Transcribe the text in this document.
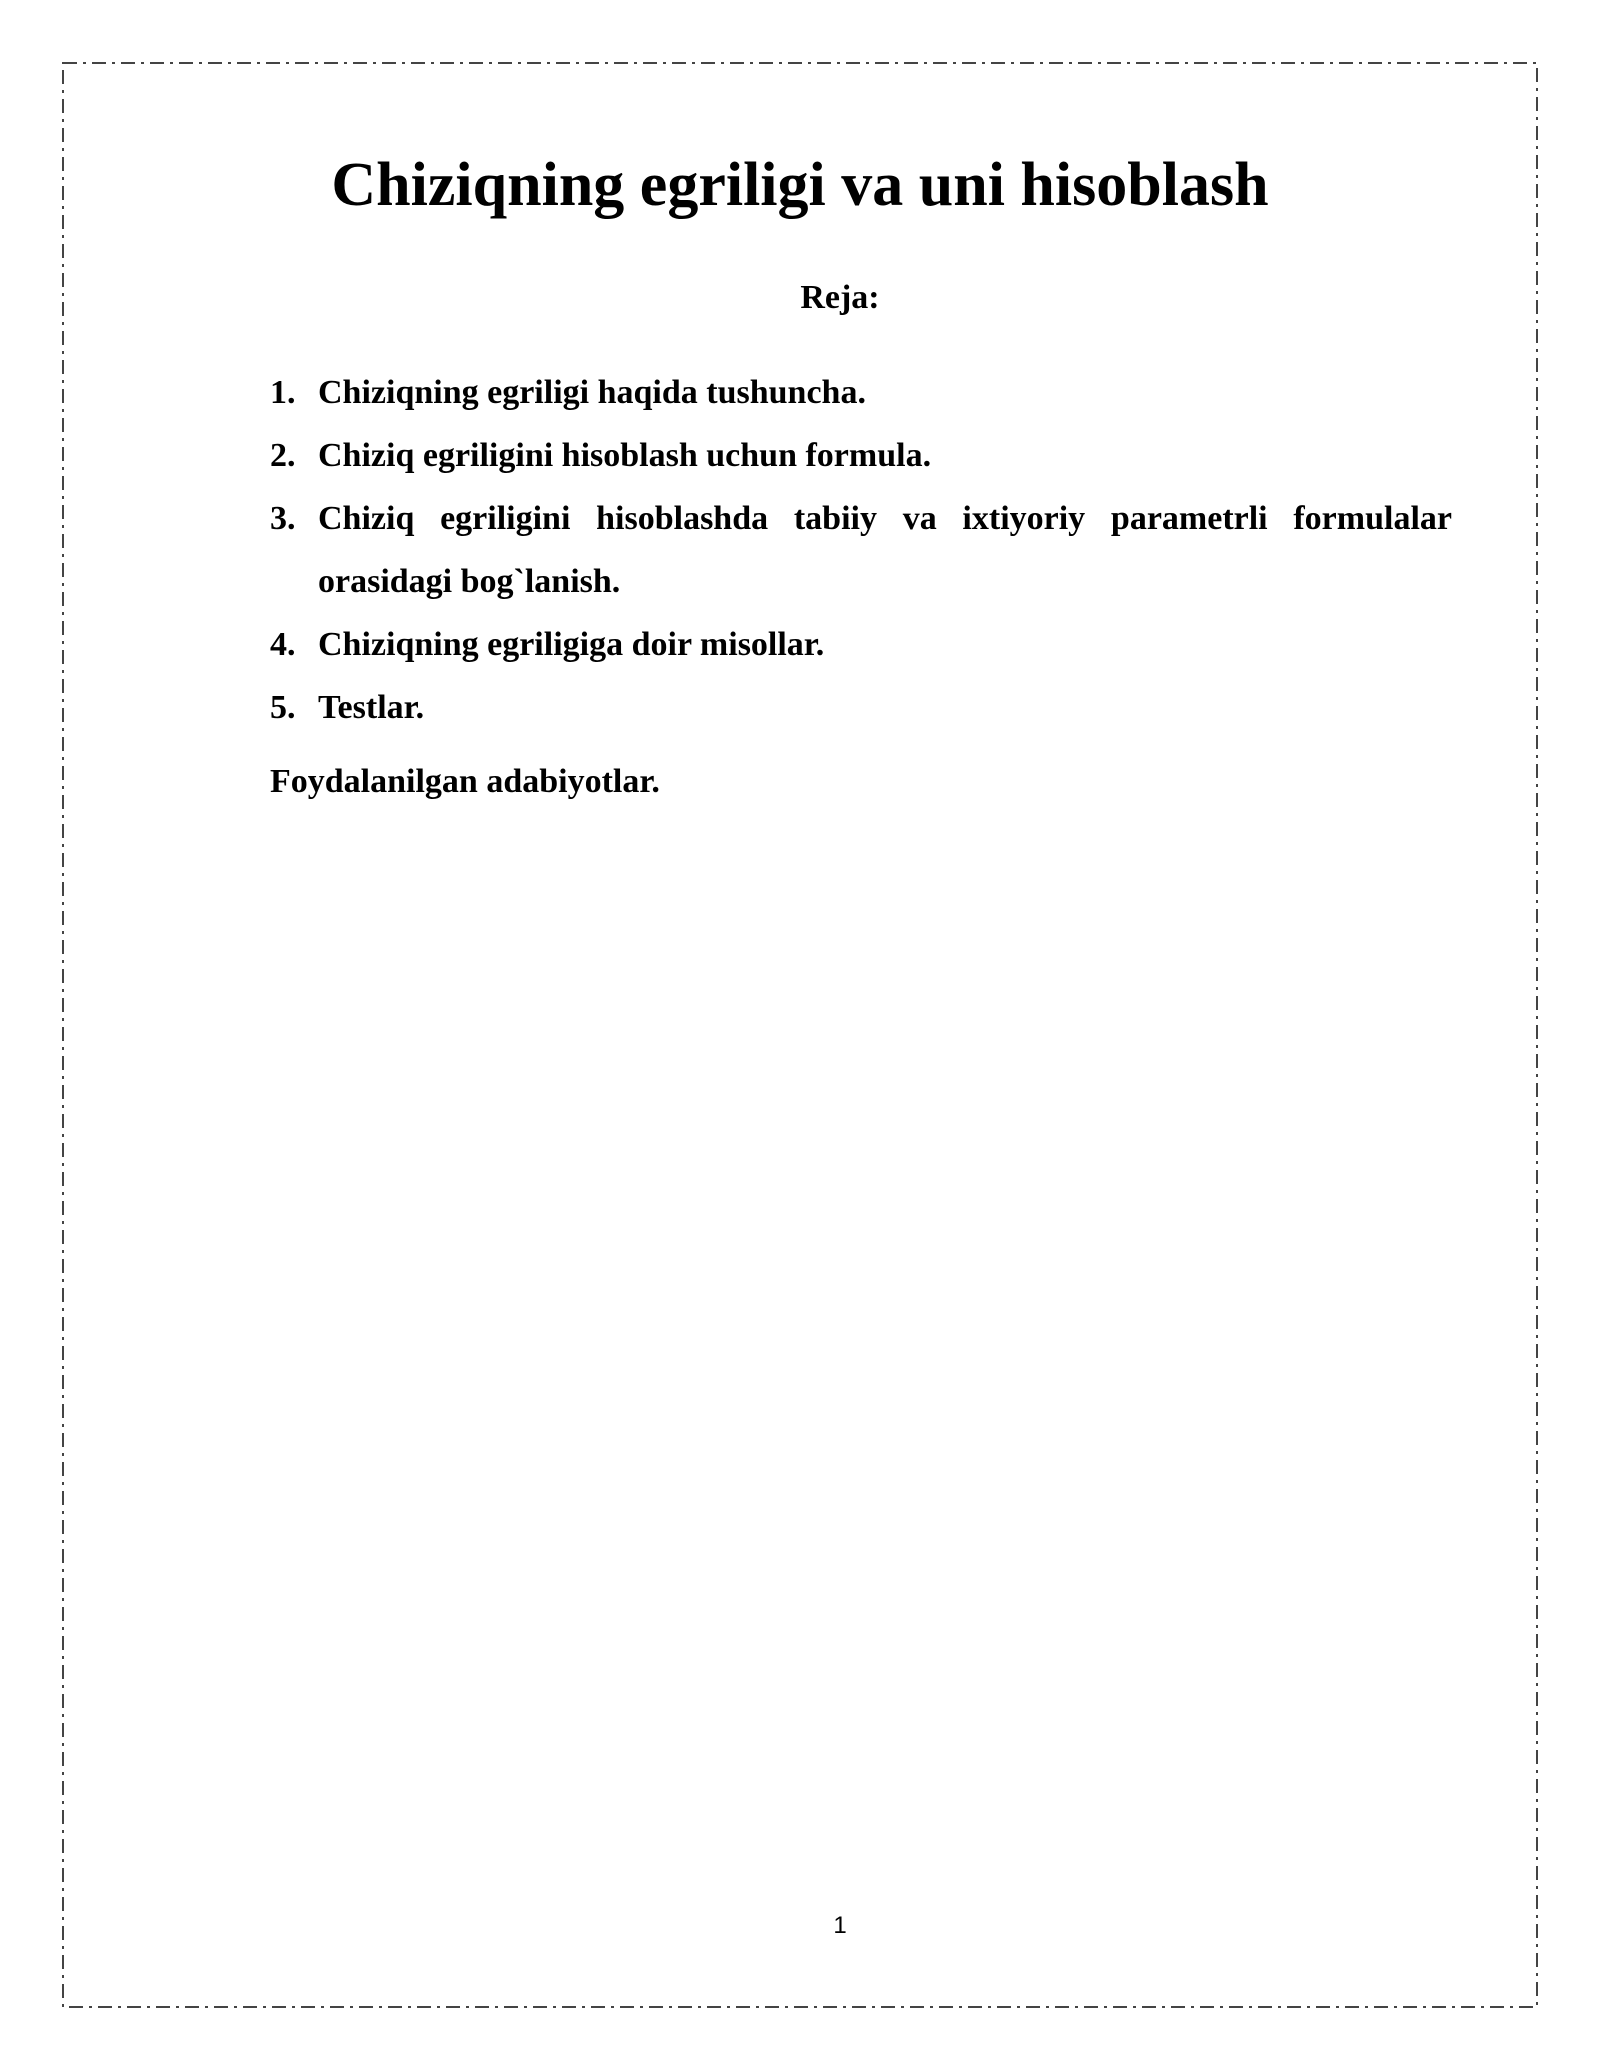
Chiziqning egriligi va uni hisoblash
Reja:
1. Chiziqning egriligi haqida tushuncha.
2. Chiziq egriligini hisoblash uchun formula.
3. Chiziq egriligini hisoblashda tabiiy va ixtiyoriy parametrli formulalar orasidagi bog`lanish.
4. Chiziqning egriligiga doir misollar.
5. Testlar.

Foydalanilgan adabiyotlar.

1
